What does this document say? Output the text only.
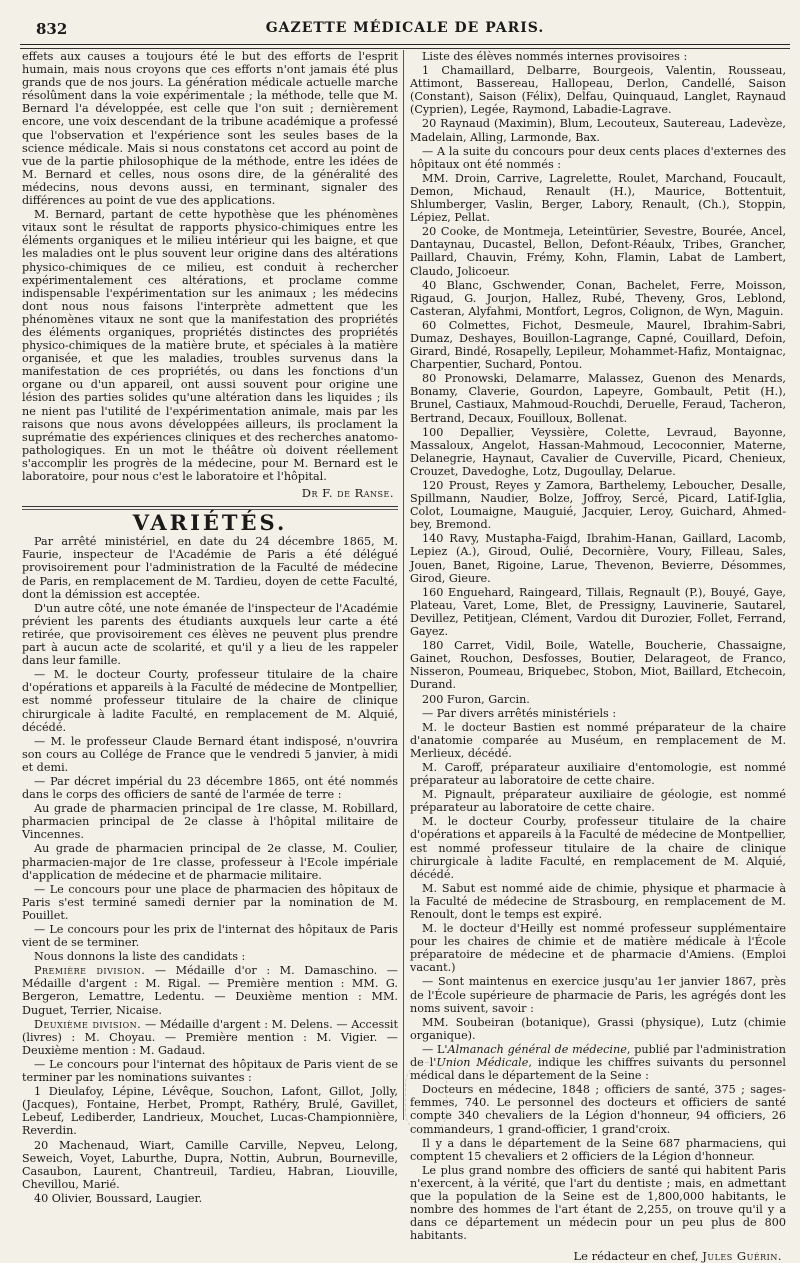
832	GAZETTE MÉDICALE DE PARIS.

effets aux causes a toujours été le but des efforts de l'esprit humain, mais nous croyons que ces efforts n'ont jamais été plus grands que de nos jours. La génération médicale actuelle marche résolûment dans la voie expérimentale ; la méthode, telle que M. Bernard l'a développée, est celle que l'on suit ; dernièrement encore, une voix descendant de la tribune académique a professé que l'observation et l'expérience sont les seules bases de la science médicale. Mais si nous constatons cet accord au point de vue de la partie philosophique de la méthode, entre les idées de M. Bernard et celles, nous osons dire, de la généralité des médecins, nous devons aussi, en terminant, signaler des différences au point de vue des applications.

M. Bernard, partant de cette hypothèse que les phénomènes vitaux sont le résultat de rapports physico-chimiques entre les éléments organiques et le milieu intérieur qui les baigne, et que les maladies ont le plus souvent leur origine dans des altérations physico-chimiques de ce milieu, est conduit à rechercher expérimentalement ces altérations, et proclame comme indispensable l'expérimentation sur les animaux ; les médecins dont nous nous faisons l'interprète admettent que les phénomènes vitaux ne sont que la manifestation des propriétés des éléments organiques, propriétés distinctes des propriétés physico-chimiques de la matière brute, et spéciales à la matière organisée, et que les maladies, troubles survenus dans la manifestation de ces propriétés, ou dans les fonctions d'un organe ou d'un appareil, ont aussi souvent pour origine une lésion des parties solides qu'une altération dans les liquides ; ils ne nient pas l'utilité de l'expérimentation animale, mais par les raisons que nous avons développées ailleurs, ils proclament la suprématie des expériences cliniques et des recherches anatomo-pathologiques. En un mot le théâtre où doivent réellement s'accomplir les progrès de la médecine, pour M. Bernard est le laboratoire, pour nous c'est le laboratoire et l'hôpital.

Dr F. de Ranse.
VARIÉTÉS.

Par arrêté ministériel, en date du 24 décembre 1865, M. Faurie, inspecteur de l'Académie de Paris a été délégué provisoirement pour l'administration de la Faculté de médecine de Paris, en remplacement de M. Tardieu, doyen de cette Faculté, dont la démission est acceptée.

D'un autre côté, une note émanée de l'inspecteur de l'Académie prévient les parents des étudiants auxquels leur carte a été retirée, que provisoirement ces élèves ne peuvent plus prendre part à aucun acte de scolarité, et qu'il y a lieu de les rappeler dans leur famille.

— M. le docteur Courty, professeur titulaire de la chaire d'opérations et appareils à la Faculté de médecine de Montpellier, est nommé professeur titulaire de la chaire de clinique chirurgicale à ladite Faculté, en remplacement de M. Alquié, décédé.

— M. le professeur Claude Bernard étant indisposé, n'ouvrira son cours au Collége de France que le vendredi 5 janvier, à midi et demi.

— Par décret impérial du 23 décembre 1865, ont été nommés dans le corps des officiers de santé de l'armée de terre :

Au grade de pharmacien principal de 1re classe, M. Robillard, pharmacien principal de 2e classe à l'hôpital militaire de Vincennes.

Au grade de pharmacien principal de 2e classe, M. Coulier, pharmacien-major de 1re classe, professeur à l'Ecole impériale d'application de médecine et de pharmacie militaire.

— Le concours pour une place de pharmacien des hôpitaux de Paris s'est terminé samedi dernier par la nomination de M. Pouillet.

— Le concours pour les prix de l'internat des hôpitaux de Paris vient de se terminer.

Nous donnons la liste des candidats :

Première division. — Médaille d'or : M. Damaschino. — Médaille d'argent : M. Rigal. — Première mention : MM. G. Bergeron, Lemattre, Ledentu. — Deuxième mention : MM. Duguet, Terrier, Nicaise.

Deuxième division. — Médaille d'argent : M. Delens. — Accessit (livres) : M. Choyau. — Première mention : M. Vigier. — Deuxième mention : M. Gadaud.

— Le concours pour l'internat des hôpitaux de Paris vient de se terminer par les nominations suivantes :

1 Dieulafoy, Lépine, Lévêque, Souchon, Lafont, Gillot, Jolly, (Jacques), Fontaine, Herbet, Prompt, Rathéry, Brulé, Gavillet, Lebeuf, Lediberder, Landrieux, Mouchet, Lucas-Championnière, Reverdin.

20 Machenaud, Wiart, Camille Carville, Nepveu, Lelong, Seweich, Voyet, Laburthe, Dupra, Nottin, Aubrun, Bourneville, Casaubon, Laurent, Chantreuil, Tardieu, Habran, Liouville, Chevillou, Marié.

40 Olivier, Boussard, Laugier.

Liste des élèves nommés internes provisoires :

1 Chamaillard, Delbarre, Bourgeois, Valentin, Rousseau, Attimont, Bassereau, Hallopeau, Derlon, Candellé, Saison (Constant), Saison (Félix), Delfau, Quinquaud, Langlet, Raynaud (Cyprien), Legée, Raymond, Labadie-Lagrave.

20 Raynaud (Maximin), Blum, Lecouteux, Sautereau, Ladevèze, Madelain, Alling, Larmonde, Bax.

— A la suite du concours pour deux cents places d'externes des hôpitaux ont été nommés :

MM. Droin, Carrive, Lagrelette, Roulet, Marchand, Foucault, Demon, Michaud, Renault (H.), Maurice, Bottentuit, Shlumberger, Vaslin, Berger, Labory, Renault, (Ch.), Stoppin, Lépiez, Pellat.

20 Cooke, de Montmeja, Leteintürier, Sevestre, Bourée, Ancel, Dantaynau, Ducastel, Bellon, Defont-Réaulx, Tribes, Grancher, Paillard, Chauvin, Frémy, Kohn, Flamin, Labat de Lambert, Claudo, Jolicoeur.

40 Blanc, Gschwender, Conan, Bachelet, Ferre, Moisson, Rigaud, G. Jourjon, Hallez, Rubé, Theveny, Gros, Leblond, Casteran, Alyfahmi, Montfort, Legros, Colignon, de Wyn, Maguin.

60 Colmettes, Fichot, Desmeule, Maurel, Ibrahim-Sabri, Dumaz, Deshayes, Bouillon-Lagrange, Capné, Couillard, Defoin, Girard, Bindé, Rosapelly, Lepileur, Mohammet-Hafiz, Montaignac, Charpentier, Suchard, Pontou.

80 Pronowski, Delamarre, Malassez, Guenon des Menards, Bonamy, Claverie, Gourdon, Lapeyre, Gombault, Petit (H.), Brunel, Castiaux, Mahmoud-Rouchdi, Deruelle, Feraud, Tacheron, Bertrand, Decaux, Fouilloux, Bollenat.

100 Depallier, Veyssière, Colette, Levraud, Bayonne, Massaloux, Angelot, Hassan-Mahmoud, Lecoconnier, Materne, Delanegrie, Haynaut, Cavalier de Cuverville, Picard, Chenieux, Crouzet, Davedoghe, Lotz, Dugoullay, Delarue.

120 Proust, Reyes y Zamora, Barthelemy, Leboucher, Desalle, Spillmann, Naudier, Bolze, Joffroy, Sercé, Picard, Latif-Iglia, Colot, Loumaigne, Mauguié, Jacquier, Leroy, Guichard, Ahmed-bey, Bremond.

140 Ravy, Mustapha-Faigd, Ibrahim-Hanan, Gaillard, Lacomb, Lepiez (A.), Giroud, Oulié, Decornière, Voury, Filleau, Sales, Jouen, Banet, Rigoine, Larue, Thevenon, Bevierre, Désommes, Girod, Gieure.

160 Enguehard, Raingeard, Tillais, Regnault (P.), Bouyé, Gaye, Plateau, Varet, Lome, Blet, de Pressigny, Lauvinerie, Sautarel, Devillez, Petitjean, Clément, Vardou dit Durozier, Follet, Ferrand, Gayez.

180 Carret, Vidil, Boile, Watelle, Boucherie, Chassaigne, Gainet, Rouchon, Desfosses, Boutier, Delarageot, de Franco, Nisseron, Poumeau, Briquebec, Stobon, Miot, Baillard, Etchecoin, Durand.

200 Furon, Garcin.

— Par divers arrêtés ministériels :

M. le docteur Bastien est nommé préparateur de la chaire d'anatomie comparée au Muséum, en remplacement de M. Merlieux, décédé.

M. Caroff, préparateur auxiliaire d'entomologie, est nommé préparateur au laboratoire de cette chaire.

M. Pignault, préparateur auxiliaire de géologie, est nommé préparateur au laboratoire de cette chaire.

M. le docteur Courby, professeur titulaire de la chaire d'opérations et appareils à la Faculté de médecine de Montpellier, est nommé professeur titulaire de la chaire de clinique chirurgicale à ladite Faculté, en remplacement de M. Alquié, décédé.

M. Sabut est nommé aide de chimie, physique et pharmacie à la Faculté de médecine de Strasbourg, en remplacement de M. Renoult, dont le temps est expiré.

M. le docteur d'Heilly est nommé professeur supplémentaire pour les chaires de chimie et de matière médicale à l'École préparatoire de médecine et de pharmacie d'Amiens. (Emploi vacant.)

— Sont maintenus en exercice jusqu'au 1er janvier 1867, près de l'École supérieure de pharmacie de Paris, les agrégés dont les noms suivent, savoir :

MM. Soubeiran (botanique), Grassi (physique), Lutz (chimie organique).

— L'Almanach général de médecine, publié par l'administration de l'Union Médicale, indique les chiffres suivants du personnel médical dans le département de la Seine :

Docteurs en médecine, 1848 ; officiers de santé, 375 ; sages-femmes, 740. Le personnel des docteurs et officiers de santé compte 340 chevaliers de la Légion d'honneur, 94 officiers, 26 commandeurs, 1 grand-officier, 1 grand'croix.

Il y a dans le département de la Seine 687 pharmaciens, qui comptent 15 chevaliers et 2 officiers de la Légion d'honneur.

Le plus grand nombre des officiers de santé qui habitent Paris n'exercent, à la vérité, que l'art du dentiste ; mais, en admettant que la population de la Seine est de 1,800,000 habitants, le nombre des hommes de l'art étant de 2,255, on trouve qu'il y a dans ce département un médecin pour un peu plus de 800 habitants.

Le rédacteur en chef, Jules Guérin.
